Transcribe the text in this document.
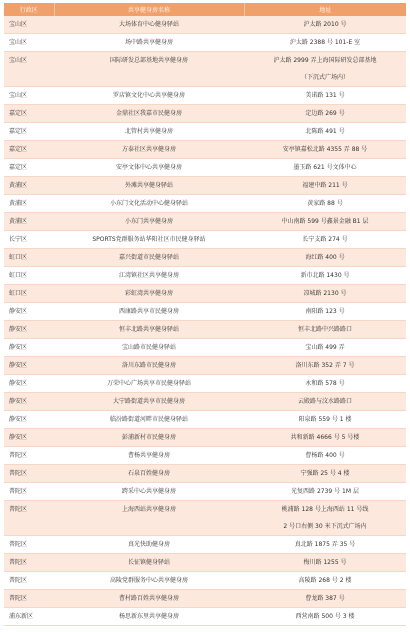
行政区	共享健身房名称	地址
宝山区	大场体育中心健身驿站	沪太路 2010 号

宝山区	场中路共享健身房	沪太路 2388 号 101-E 室

宝山区	国际研发总部基地共享健身房	沪太路 2999 弄上海国际研发总部基地
（下沉式广场内）

宝山区	罗店镇文化中心共享健身房	美诺路 131 号

嘉定区	金鼎社区我嘉市民健身房	定边路 269 号

嘉定区	北管村共享健身房	北陈路 491 号

嘉定区	方泰社区共享健身房	安亭镇嘉松北路 4355 弄 88 号

嘉定区	安亭文体中心共享健身房	墨玉路 621 号文体中心

黄浦区	外滩共享健身驿站	福建中路 211 号

黄浦区	小东门文化活动中心健身驿站	黄家路 88 号

黄浦区	小东门共享健身房	中山南路 599 号鑫景金融 B1 层

长宁区	SPORTS党群服务站华阳社区市民健身驿站	长宁支路 274 号

虹口区	嘉兴街道市民健身驿站	海红路 400 号

虹口区	江湾镇社区共享健身房	新市北路 1430 号

虹口区	彩虹湾共享健身房	凉城路 2130 号

静安区	西康路共享市民健身房	南阳路 123 号

静安区	恒丰北路共享健身驿站	恒丰北路中兴路路口

静安区	宝山路市民健身驿站	宝山路 499 弄

静安区	洛川东路市民健身房	洛川东路 352 弄 7 号

静安区	万荣中心广场共享市民健身驿站	永和路 578 号

静安区	大宁路街道共享市民健身房	云殿路与汶水路路口

静安区	临汾路街道河畔市民健身驿站	阳泉路 559 号 1 楼

静安区	彭浦新村市民健身房	共和新路 4666 号 5 号楼

普陀区	曹杨共享健身房	曹杨路 400 号

普陀区	石泉百姓健身房	宁强路 25 号 4 楼

普陀区	跨采中心共享健身房	光复西路 2739 号 1M 层

普陀区	上海西站共享健身房	桃浦路 128 号上海西站 11 号线
2 号口右侧 30 米下沉式广场内

普陀区	真光快助健身房	真北路 1875 弄 35 号

普陀区	长征镇健身驿站	梅川路 1255 号

普陀区	高陵党群服务中心共享健身房	高陵路 268 号 2 楼

普陀区	曹村路百姓共享健身房	曹龙路 387 号

浦东新区	杨思新东里共享健身房	西营南路 500 号 3 楼
